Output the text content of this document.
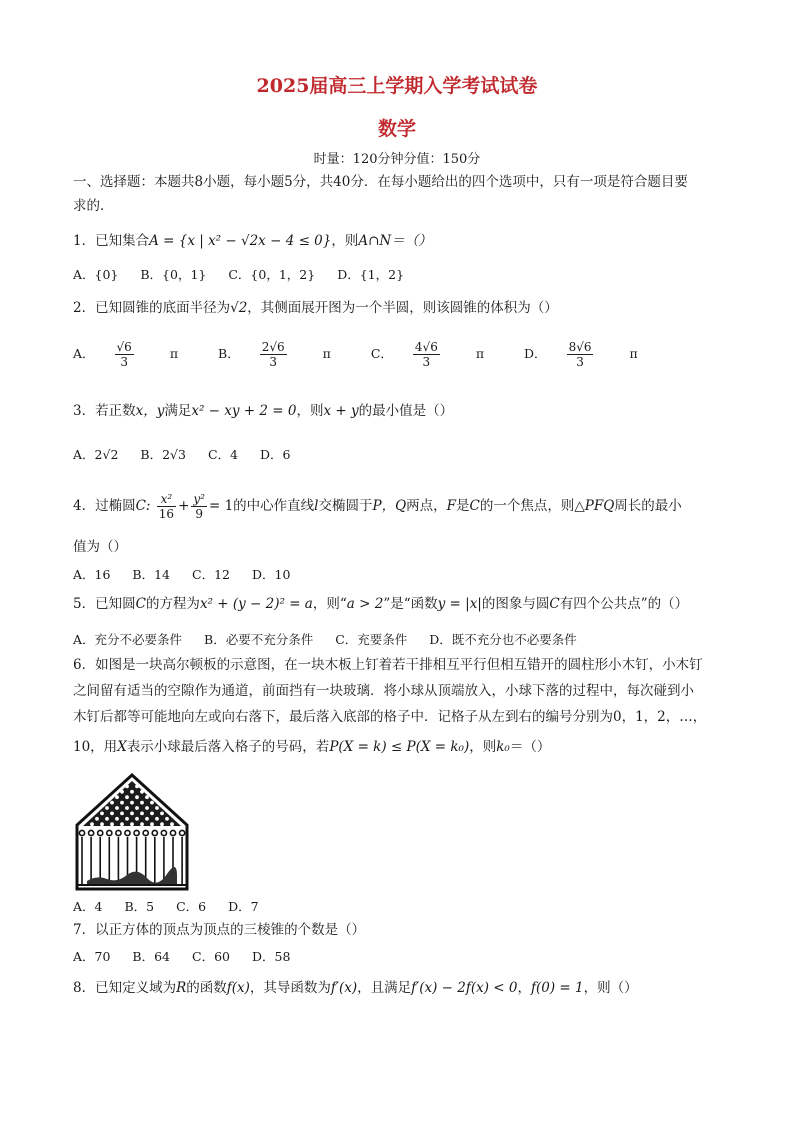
2025届高三上学期入学考试试卷
数学
时量：120分钟分值：150分
一、选择题：本题共8小题，每小题5分，共40分．在每小题给出的四个选项中，只有一项是符合题目要
求的．
1．已知集合A = {x | x² − √2x − 4 ≤ 0}，则A∩N＝（）
A．{0} B．{0，1} C．{0，1，2} D．{1，2}
2．已知圆锥的底面半径为√2，其侧面展开图为一个半圆，则该圆锥的体积为（）
A． $\frac{√6}{3}$ π	B． $\frac{2√6}{3}$ π	C． $\frac{4√6}{3}$ π	D． $\frac{8√6}{3}$ π
3．若正数x，y满足x² − xy + 2 = 0，则x + y的最小值是（）
A．2√2 B．2√3 C．4 D．6
4．过椭圆C: $\frac{\text{x²}}{16} + \frac{\text{y²}}{9} = 1$的中心作直线l交椭圆于P，Q两点，F是C的一个焦点，则△PFQ周长的最小
值为（）
A．16 B．14 C．12 D．10
5．已知圆C的方程为x² + (y − 2)² = a，则“a > 2”是“函数y = |x|的图象与圆C有四个公共点”的（）
A．充分不必要条件 B．必要不充分条件 C．充要条件 D．既不充分也不必要条件
6．如图是一块高尔顿板的示意图，在一块木板上钉着若干排相互平行但相互错开的圆柱形小木钉，小木钉
之间留有适当的空隙作为通道，前面挡有一块玻璃．将小球从顶端放入，小球下落的过程中，每次碰到小
木钉后都等可能地向左或向右落下，最后落入底部的格子中．记格子从左到右的编号分别为0，1，2，…，
10，用X表示小球最后落入格子的号码，若P(X = k) ≤ P(X = k₀)，则k₀＝（）
A．4 B．5 C．6 D．7
7．以正方体的顶点为顶点的三棱锥的个数是（）
A．70 B．64 C．60 D．58
8．已知定义域为R的函数f(x)，其导函数为f′(x)，且满足f′(x) − 2f(x) < 0，f(0) = 1，则（）
